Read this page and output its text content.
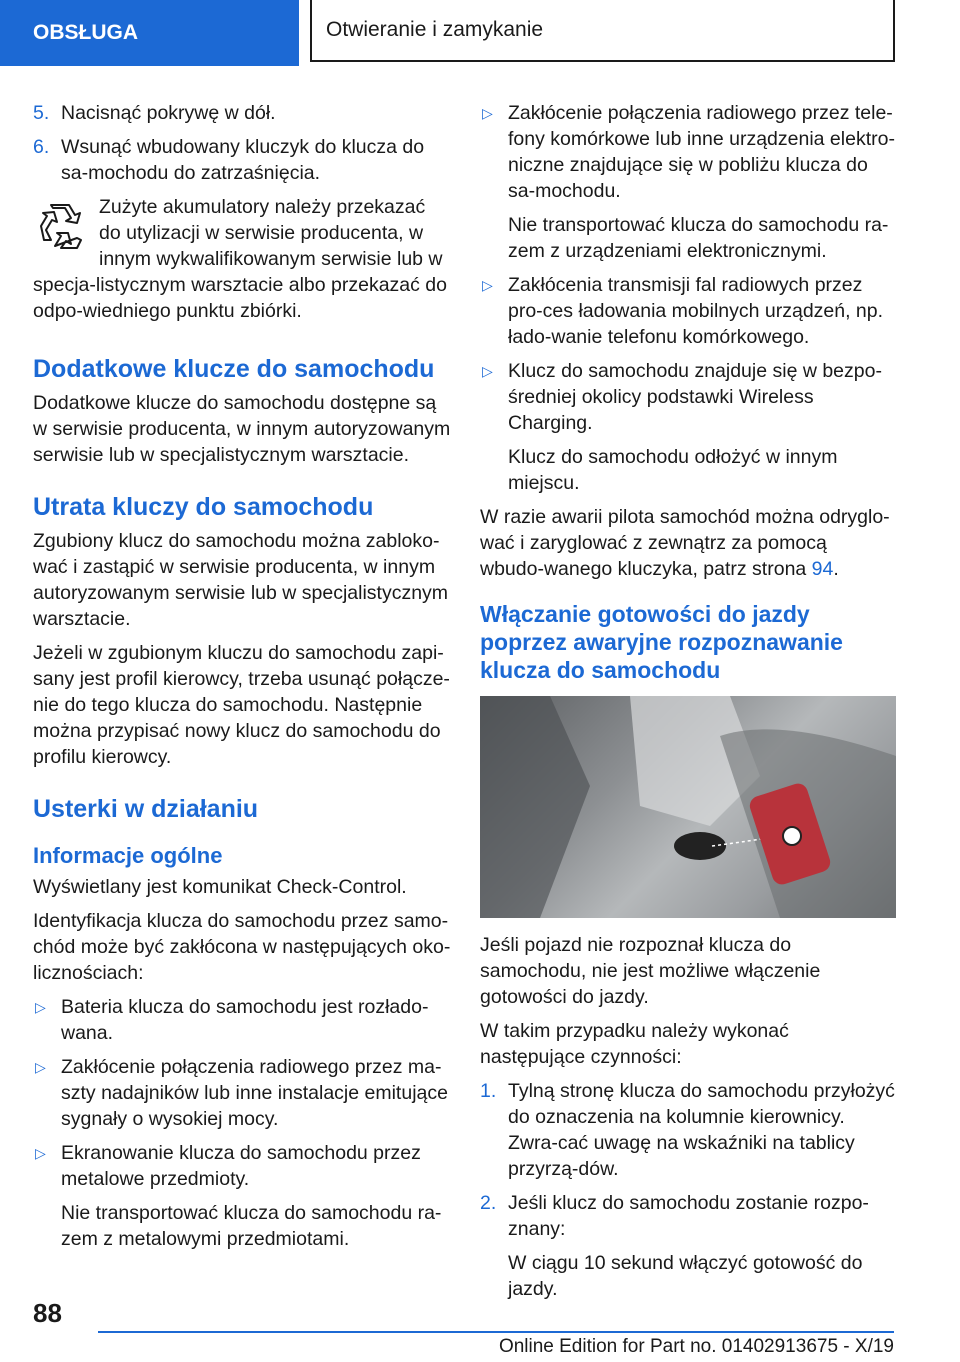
OBSŁUGA	Otwieranie i zamykanie
5. Nacisnąć pokrywę w dół.
6. Wsunąć wbudowany kluczyk do klucza do sa-mochodu do zatrzaśnięcia.
Zużyte akumulatory należy przekazać do utylizacji w serwisie producenta, w innym wykwalifikowanym serwisie lub w specja-listycznym warsztacie albo przekazać do odpo-wiedniego punktu zbiórki.
Dodatkowe klucze do samochodu

Dodatkowe klucze do samochodu dostępne są w serwisie producenta, w innym autoryzowanym serwisie lub w specjalistycznym warsztacie.

Utrata kluczy do samochodu

Zgubiony klucz do samochodu można zabloko-wać i zastąpić w serwisie producenta, w innym autoryzowanym serwisie lub w specjalistycznym warsztacie.

Jeżeli w zgubionym kluczu do samochodu zapi-sany jest profil kierowcy, trzeba usunąć połącze-nie do tego klucza do samochodu. Następnie można przypisać nowy klucz do samochodu do profilu kierowcy.

Usterki w działaniu
Informacje ogólne

Wyświetlany jest komunikat Check-Control.

Identyfikacja klucza do samochodu przez samo-chód może być zakłócona w następujących oko-licznościach:

▷ Bateria klucza do samochodu jest rozłado-wana.
▷ Zakłócenie połączenia radiowego przez ma-szty nadajników lub inne instalacje emitujące sygnały o wysokiej mocy.
▷ Ekranowanie klucza do samochodu przez metalowe przedmioty.

Nie transportować klucza do samochodu ra-zem z metalowymi przedmiotami.

▷ Zakłócenie połączenia radiowego przez tele-fony komórkowe lub inne urządzenia elektro-niczne znajdujące się w pobliżu klucza do sa-mochodu.

Nie transportować klucza do samochodu ra-zem z urządzeniami elektronicznymi.

▷ Zakłócenia transmisji fal radiowych przez pro-ces ładowania mobilnych urządzeń, np. łado-wanie telefonu komórkowego.
▷ Klucz do samochodu znajduje się w bezpo-średniej okolicy podstawki Wireless Charging.

Klucz do samochodu odłożyć w innym miejscu.

W razie awarii pilota samochód można odryglo-wać i zaryglować z zewnątrz za pomocą wbudo-wanego kluczyka, patrz strona 94.

Włączanie gotowości do jazdy poprzez awaryjne rozpoznawanie klucza do samochodu

Jeśli pojazd nie rozpoznał klucza do samochodu, nie jest możliwe włączenie gotowości do jazdy.

W takim przypadku należy wykonać następujące czynności:

1. Tylną stronę klucza do samochodu przyłożyć do oznaczenia na kolumnie kierownicy. Zwra-cać uwagę na wskaźniki na tablicy przyrzą-dów.
2. Jeśli klucz do samochodu zostanie rozpo-znany:

W ciągu 10 sekund włączyć gotowość do jazdy.

88
Online Edition for Part no. 01402913675 - X/19
